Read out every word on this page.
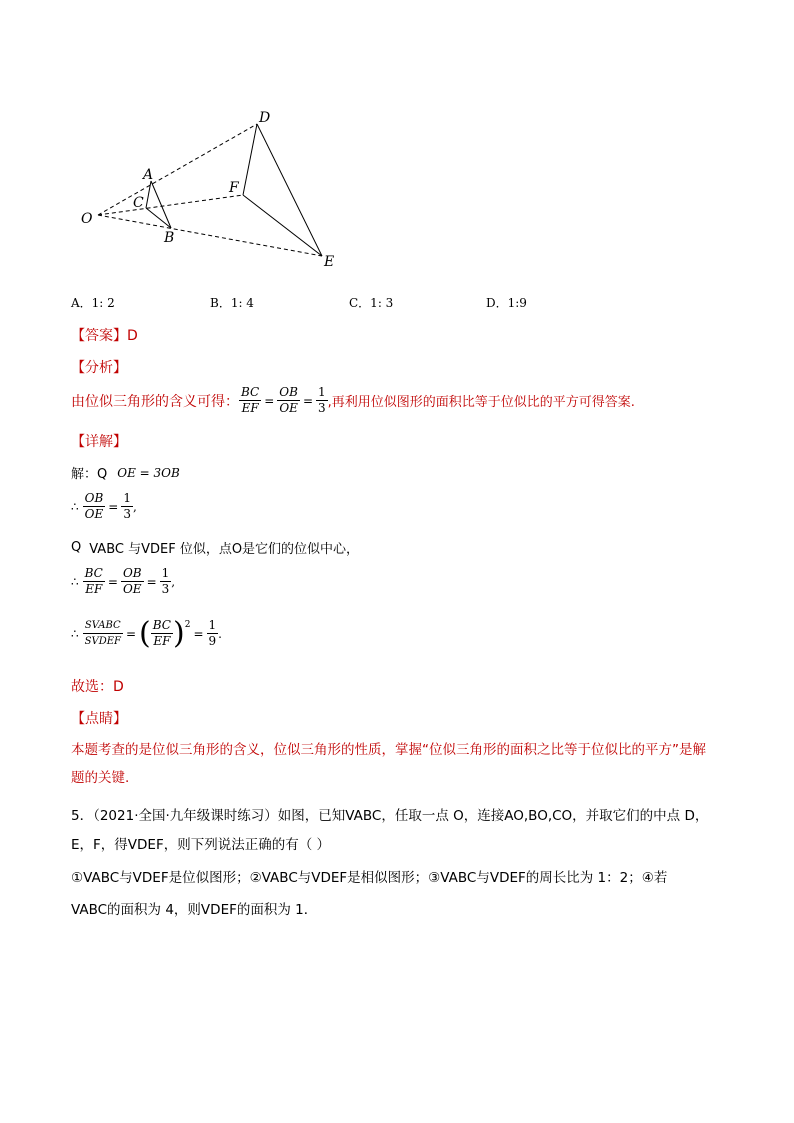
O
A
C
B
D
F
E
A．1: 2	B．1: 4	C．1: 3	D．1:9
【答案】D
【分析】
由位似三角形的含义可得： $\frac{BC}{EF} = \frac{OB}{OE} = \frac{1}{3}$ ,再利用位似图形的面积比等于位似比的平方可得答案.
【详解】
解：Q OE = 3OB
∴ $\frac{OB}{OE} = \frac{1}{3}$ ,
Q VABC 与VDEF 位似，点O是它们的位似中心，
∴ $\frac{BC}{EF} = \frac{OB}{OE} = \frac{1}{3}$ ,
∴ $\frac{\text{SVABC}}{\text{SVDEF}}$ = ( $\frac{BC}{EF} )^2$
= $\frac{1}{9}$ .
故选：D
【点睛】
本题考查的是位似三角形的含义，位似三角形的性质，掌握“位似三角形的面积之比等于位似比的平方”是解
题的关键.
5．（2021·全国·九年级课时练习）如图，已知VABC，任取一点 O，连接AO,BO,CO，并取它们的中点 D，
E，F，得VDEF，则下列说法正确的有（ ）
①VABC与VDEF是位似图形；②VABC与VDEF是相似图形；③VABC与VDEF的周长比为 1：2；④若
VABC的面积为 4，则VDEF的面积为 1．
